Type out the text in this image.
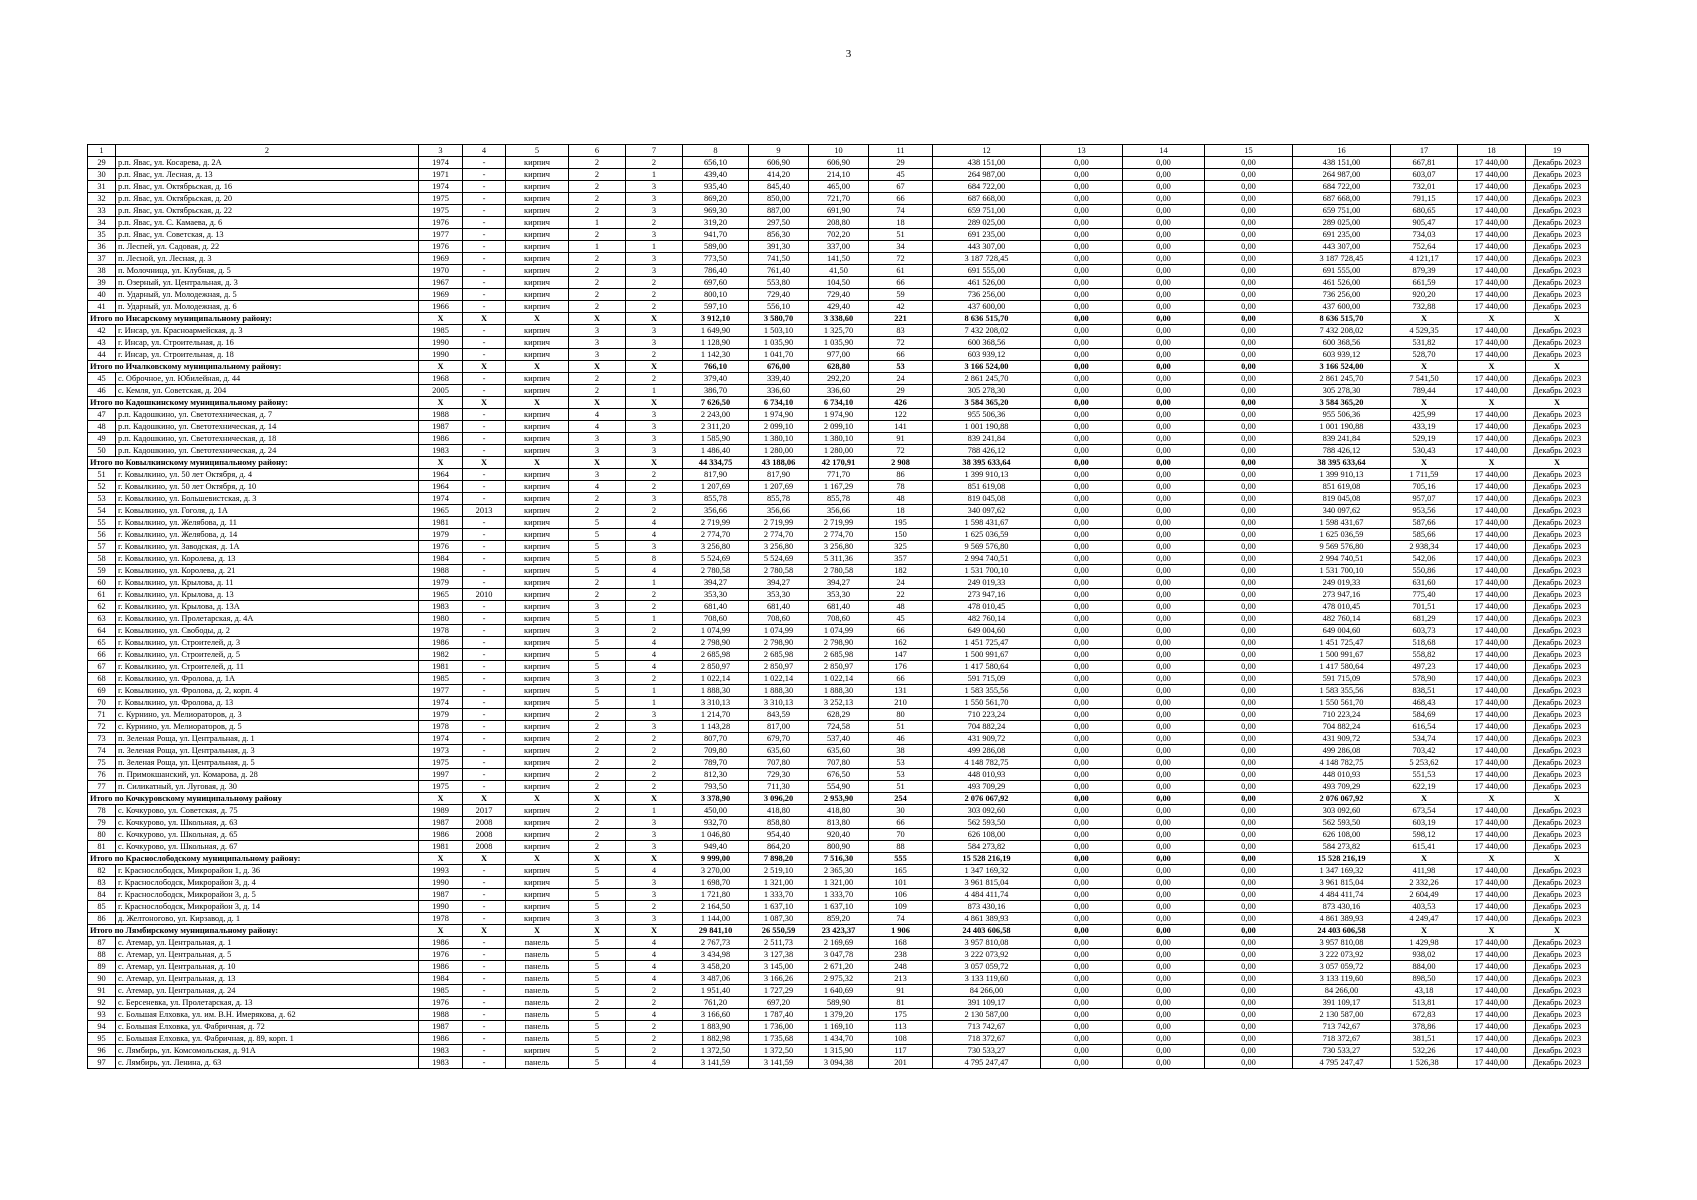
3
1	2	3	4	5	6	7	8	9	10	11	12	13	14	15	16	17	18	19
29	р.п. Явас, ул. Косарева, д. 2А	1974	-	кирпич	2	2	656,10	606,90	606,90	29	438 151,00	0,00	0,00	0,00	438 151,00	667,81	17 440,00	Декабрь 2023
30	р.п. Явас, ул. Лесная, д. 13	1971	-	кирпич	2	1	439,40	414,20	214,10	45	264 987,00	0,00	0,00	0,00	264 987,00	603,07	17 440,00	Декабрь 2023
31	р.п. Явас, ул. Октябрьская, д. 16	1974	-	кирпич	2	3	935,40	845,40	465,00	67	684 722,00	0,00	0,00	0,00	684 722,00	732,01	17 440,00	Декабрь 2023
32	р.п. Явас, ул. Октябрьская, д. 20	1975	-	кирпич	2	3	869,20	850,00	721,70	66	687 668,00	0,00	0,00	0,00	687 668,00	791,15	17 440,00	Декабрь 2023
33	р.п. Явас, ул. Октябрьская, д. 22	1975	-	кирпич	2	3	969,30	887,00	691,90	74	659 751,00	0,00	0,00	0,00	659 751,00	680,65	17 440,00	Декабрь 2023
34	р.п. Явас, ул. С. Камаева, д. 6	1976	-	кирпич	1	2	319,20	297,50	208,80	18	289 025,00	0,00	0,00	0,00	289 025,00	905,47	17 440,00	Декабрь 2023
35	р.п. Явас, ул. Советская, д. 13	1977	-	кирпич	2	3	941,70	856,30	702,20	51	691 235,00	0,00	0,00	0,00	691 235,00	734,03	17 440,00	Декабрь 2023
36	п. Леспей, ул. Садовая, д. 22	1976	-	кирпич	1	1	589,00	391,30	337,00	34	443 307,00	0,00	0,00	0,00	443 307,00	752,64	17 440,00	Декабрь 2023
37	п. Лесной, ул. Лесная, д. 3	1969	-	кирпич	2	3	773,50	741,50	141,50	72	3 187 728,45	0,00	0,00	0,00	3 187 728,45	4 121,17	17 440,00	Декабрь 2023
38	п. Молочница, ул. Клубная, д. 5	1970	-	кирпич	2	3	786,40	761,40	41,50	61	691 555,00	0,00	0,00	0,00	691 555,00	879,39	17 440,00	Декабрь 2023
39	п. Озерный, ул. Центральная, д. 3	1967	-	кирпич	2	2	697,60	553,80	104,50	66	461 526,00	0,00	0,00	0,00	461 526,00	661,59	17 440,00	Декабрь 2023
40	п. Ударный, ул. Молодежная, д. 5	1969	-	кирпич	2	2	800,10	729,40	729,40	59	736 256,00	0,00	0,00	0,00	736 256,00	920,20	17 440,00	Декабрь 2023
41	п. Ударный, ул. Молодежная, д. 6	1966	-	кирпич	2	2	597,10	556,10	429,40	42	437 600,00	0,00	0,00	0,00	437 600,00	732,88	17 440,00	Декабрь 2023
Итого по Инсарскому муниципальному району:		X	X	X	X	X	3 912,10	3 580,70	3 338,60	221	8 636 515,70	0,00	0,00	0,00	8 636 515,70	X	X	X
42	г. Инсар, ул. Красноармейская, д. 3	1985	-	кирпич	3	3	1 649,90	1 503,10	1 325,70	83	7 432 208,02	0,00	0,00	0,00	7 432 208,02	4 529,35	17 440,00	Декабрь 2023
43	г. Инсар, ул. Строительная, д. 16	1990	-	кирпич	3	3	1 128,90	1 035,90	1 035,90	72	600 368,56	0,00	0,00	0,00	600 368,56	531,82	17 440,00	Декабрь 2023
44	г. Инсар, ул. Строительная, д. 18	1990	-	кирпич	3	2	1 142,30	1 041,70	977,00	66	603 939,12	0,00	0,00	0,00	603 939,12	528,70	17 440,00	Декабрь 2023
Итого по Ичалковскому муниципальному району:		X	X	X	X	X	766,10	676,00	628,80	53	3 166 524,00	0,00	0,00	0,00	3 166 524,00	X	X	X
45	с. Оброчное, ул. Юбилейная, д. 44	1968	-	кирпич	2	2	379,40	339,40	292,20	24	2 861 245,70	0,00	0,00	0,00	2 861 245,70	7 541,50	17 440,00	Декабрь 2023
46	с. Кемля, ул. Советская, д. 204	2005	-	кирпич	2	1	386,70	336,60	336,60	29	305 278,30	0,00	0,00	0,00	305 278,30	789,44	17 440,00	Декабрь 2023
Итого по Кадошкинскому муниципальному району:		X	X	X	X	X	7 626,50	6 734,10	6 734,10	426	3 584 365,20	0,00	0,00	0,00	3 584 365,20	X	X	X
47	р.п. Кадошкино, ул. Светотехническая, д. 7	1988	-	кирпич	4	3	2 243,00	1 974,90	1 974,90	122	955 506,36	0,00	0,00	0,00	955 506,36	425,99	17 440,00	Декабрь 2023
48	р.п. Кадошкино, ул. Светотехническая, д. 14	1987	-	кирпич	4	3	2 311,20	2 099,10	2 099,10	141	1 001 190,88	0,00	0,00	0,00	1 001 190,88	433,19	17 440,00	Декабрь 2023
49	р.п. Кадошкино, ул. Светотехническая, д. 18	1986	-	кирпич	3	3	1 585,90	1 380,10	1 380,10	91	839 241,84	0,00	0,00	0,00	839 241,84	529,19	17 440,00	Декабрь 2023
50	р.п. Кадошкино, ул. Светотехническая, д. 24	1983	-	кирпич	3	3	1 486,40	1 280,00	1 280,00	72	788 426,12	0,00	0,00	0,00	788 426,12	530,43	17 440,00	Декабрь 2023
Итого по Ковылкинскому муниципальному району:		X	X	X	X	X	44 334,75	43 188,06	42 170,91	2 908	38 395 633,64	0,00	0,00	0,00	38 395 633,64	X	X	X
51	г. Ковылкино, ул. 50 лет Октября, д. 4	1964	-	кирпич	3	2	817,90	817,90	771,70	86	1 399 910,13	0,00	0,00	0,00	1 399 910,13	1 711,59	17 440,00	Декабрь 2023
52	г. Ковылкино, ул. 50 лет Октября, д. 10	1964	-	кирпич	4	2	1 207,69	1 207,69	1 167,29	78	851 619,08	0,00	0,00	0,00	851 619,08	705,16	17 440,00	Декабрь 2023
53	г. Ковылкино, ул. Большевистская, д. 3	1974	-	кирпич	2	3	855,78	855,78	855,78	48	819 045,08	0,00	0,00	0,00	819 045,08	957,07	17 440,00	Декабрь 2023
54	г. Ковылкино, ул. Гоголя, д. 1А	1965	2013	кирпич	2	2	356,66	356,66	356,66	18	340 097,62	0,00	0,00	0,00	340 097,62	953,56	17 440,00	Декабрь 2023
55	г. Ковылкино, ул. Желябова, д. 11	1981	-	кирпич	5	4	2 719,99	2 719,99	2 719,99	195	1 598 431,67	0,00	0,00	0,00	1 598 431,67	587,66	17 440,00	Декабрь 2023
56	г. Ковылкино, ул. Желябова, д. 14	1979	-	кирпич	5	4	2 774,70	2 774,70	2 774,70	150	1 625 036,59	0,00	0,00	0,00	1 625 036,59	585,66	17 440,00	Декабрь 2023
57	г. Ковылкино, ул. Заводская, д. 1А	1976	-	кирпич	5	3	3 256,80	3 256,80	3 256,80	325	9 569 576,80	0,00	0,00	0,00	9 569 576,80	2 938,34	17 440,00	Декабрь 2023
58	г. Ковылкино, ул. Королева, д. 13	1984	-	кирпич	5	8	5 524,69	5 524,69	5 311,36	357	2 994 740,51	0,00	0,00	0,00	2 994 740,51	542,06	17 440,00	Декабрь 2023
59	г. Ковылкино, ул. Королева, д. 21	1988	-	кирпич	5	4	2 780,58	2 780,58	2 780,58	182	1 531 700,10	0,00	0,00	0,00	1 531 700,10	550,86	17 440,00	Декабрь 2023
60	г. Ковылкино, ул. Крылова, д. 11	1979	-	кирпич	2	1	394,27	394,27	394,27	24	249 019,33	0,00	0,00	0,00	249 019,33	631,60	17 440,00	Декабрь 2023
61	г. Ковылкино, ул. Крылова, д. 13	1965	2010	кирпич	2	2	353,30	353,30	353,30	22	273 947,16	0,00	0,00	0,00	273 947,16	775,40	17 440,00	Декабрь 2023
62	г. Ковылкино, ул. Крылова, д. 13А	1983	-	кирпич	3	2	681,40	681,40	681,40	48	478 010,45	0,00	0,00	0,00	478 010,45	701,51	17 440,00	Декабрь 2023
63	г. Ковылкино, ул. Пролетарская, д. 4А	1980	-	кирпич	5	1	708,60	708,60	708,60	45	482 760,14	0,00	0,00	0,00	482 760,14	681,29	17 440,00	Декабрь 2023
64	г. Ковылкино, ул. Свободы, д. 2	1978	-	кирпич	3	2	1 074,99	1 074,99	1 074,99	66	649 004,60	0,00	0,00	0,00	649 004,60	603,73	17 440,00	Декабрь 2023
65	г. Ковылкино, ул. Строителей, д. 3	1986	-	кирпич	5	4	2 798,90	2 798,90	2 798,90	162	1 451 725,47	0,00	0,00	0,00	1 451 725,47	518,68	17 440,00	Декабрь 2023
66	г. Ковылкино, ул. Строителей, д. 5	1982	-	кирпич	5	4	2 685,98	2 685,98	2 685,98	147	1 500 991,67	0,00	0,00	0,00	1 500 991,67	558,82	17 440,00	Декабрь 2023
67	г. Ковылкино, ул. Строителей, д. 11	1981	-	кирпич	5	4	2 850,97	2 850,97	2 850,97	176	1 417 580,64	0,00	0,00	0,00	1 417 580,64	497,23	17 440,00	Декабрь 2023
68	г. Ковылкино, ул. Фролова, д. 1А	1985	-	кирпич	3	2	1 022,14	1 022,14	1 022,14	66	591 715,09	0,00	0,00	0,00	591 715,09	578,90	17 440,00	Декабрь 2023
69	г. Ковылкино, ул. Фролова, д. 2, корп. 4	1977	-	кирпич	5	1	1 888,30	1 888,30	1 888,30	131	1 583 355,56	0,00	0,00	0,00	1 583 355,56	838,51	17 440,00	Декабрь 2023
70	г. Ковылкино, ул. Фролова, д. 13	1974	-	кирпич	5	1	3 310,13	3 310,13	3 252,13	210	1 550 561,70	0,00	0,00	0,00	1 550 561,70	468,43	17 440,00	Декабрь 2023
71	с. Курнино, ул. Мелиораторов, д. 3	1979	-	кирпич	2	3	1 214,70	843,59	628,29	80	710 223,24	0,00	0,00	0,00	710 223,24	584,69	17 440,00	Декабрь 2023
72	с. Курнино, ул. Мелиораторов, д. 5	1978	-	кирпич	2	3	1 143,28	817,00	724,58	51	704 882,24	0,00	0,00	0,00	704 882,24	616,54	17 440,00	Декабрь 2023
73	п. Зеленая Роща, ул. Центральная, д. 1	1974	-	кирпич	2	2	807,70	679,70	537,40	46	431 909,72	0,00	0,00	0,00	431 909,72	534,74	17 440,00	Декабрь 2023
74	п. Зеленая Роща, ул. Центральная, д. 3	1973	-	кирпич	2	2	709,80	635,60	635,60	38	499 286,08	0,00	0,00	0,00	499 286,08	703,42	17 440,00	Декабрь 2023
75	п. Зеленая Роща, ул. Центральная, д. 5	1975	-	кирпич	2	2	789,70	707,80	707,80	53	4 148 782,75	0,00	0,00	0,00	4 148 782,75	5 253,62	17 440,00	Декабрь 2023
76	п. Примокшанский, ул. Комарова, д. 28	1997	-	кирпич	2	2	812,30	729,30	676,50	53	448 010,93	0,00	0,00	0,00	448 010,93	551,53	17 440,00	Декабрь 2023
77	п. Силикатный, ул. Луговая, д. 30	1975	-	кирпич	2	2	793,50	711,30	554,90	51	493 709,29	0,00	0,00	0,00	493 709,29	622,19	17 440,00	Декабрь 2023
Итого по Кочкуровскому муниципальному району		X	X	X	X	X	3 378,90	3 096,20	2 953,90	254	2 076 067,92	0,00	0,00	0,00	2 076 067,92	X	X	X
78	с. Кочкурово, ул. Советская, д. 75	1989	2017	кирпич	2	1	450,00	418,80	418,80	30	303 092,60	0,00	0,00	0,00	303 092,60	673,54	17 440,00	Декабрь 2023
79	с. Кочкурово, ул. Школьная, д. 63	1987	2008	кирпич	2	3	932,70	858,80	813,80	66	562 593,50	0,00	0,00	0,00	562 593,50	603,19	17 440,00	Декабрь 2023
80	с. Кочкурово, ул. Школьная, д. 65	1986	2008	кирпич	2	3	1 046,80	954,40	920,40	70	626 108,00	0,00	0,00	0,00	626 108,00	598,12	17 440,00	Декабрь 2023
81	с. Кочкурово, ул. Школьная, д. 67	1981	2008	кирпич	2	3	949,40	864,20	800,90	88	584 273,82	0,00	0,00	0,00	584 273,82	615,41	17 440,00	Декабрь 2023
Итого по Краснослободскому муниципальному району:		X	X	X	X	X	9 999,00	7 898,20	7 516,30	555	15 528 216,19	0,00	0,00	0,00	15 528 216,19	X	X	X
82	г. Краснослободск, Микрорайон 1, д. 36	1993	-	кирпич	5	4	3 270,00	2 519,10	2 365,30	165	1 347 169,32	0,00	0,00	0,00	1 347 169,32	411,98	17 440,00	Декабрь 2023
83	г. Краснослободск, Микрорайон 3, д. 4	1990	-	кирпич	5	3	1 698,70	1 321,00	1 321,00	101	3 961 815,04	0,00	0,00	0,00	3 961 815,04	2 332,26	17 440,00	Декабрь 2023
84	г. Краснослободск, Микрорайон 3, д. 5	1987	-	кирпич	5	3	1 721,80	1 333,70	1 333,70	106	4 484 411,74	0,00	0,00	0,00	4 484 411,74	2 604,49	17 440,00	Декабрь 2023
85	г. Краснослободск, Микрорайон 3, д. 14	1990	-	кирпич	5	2	2 164,50	1 637,10	1 637,10	109	873 430,16	0,00	0,00	0,00	873 430,16	403,53	17 440,00	Декабрь 2023
86	д. Желтоногово, ул. Кирзавод, д. 1	1978	-	кирпич	3	3	1 144,00	1 087,30	859,20	74	4 861 389,93	0,00	0,00	0,00	4 861 389,93	4 249,47	17 440,00	Декабрь 2023
Итого по Лямбирскому муниципальному району:		X	X	X	X	X	29 841,10	26 550,59	23 423,37	1 906	24 403 606,58	0,00	0,00	0,00	24 403 606,58	X	X	X
87	с. Атемар, ул. Центральная, д. 1	1986	-	панель	5	4	2 767,73	2 511,73	2 169,69	168	3 957 810,08	0,00	0,00	0,00	3 957 810,08	1 429,98	17 440,00	Декабрь 2023
88	с. Атемар, ул. Центральная, д. 5	1976	-	панель	5	4	3 434,98	3 127,38	3 047,78	238	3 222 073,92	0,00	0,00	0,00	3 222 073,92	938,02	17 440,00	Декабрь 2023
89	с. Атемар, ул. Центральная, д. 10	1986	-	панель	5	4	3 458,20	3 145,00	2 671,20	248	3 057 059,72	0,00	0,00	0,00	3 057 059,72	884,00	17 440,00	Декабрь 2023
90	с. Атемар, ул. Центральная, д. 13	1984	-	панель	5	4	3 487,06	3 166,26	2 975,32	213	3 133 119,60	0,00	0,00	0,00	3 133 119,60	898,50	17 440,00	Декабрь 2023
91	с. Атемар, ул. Центральная, д. 24	1985	-	панель	5	2	1 951,40	1 727,29	1 640,69	91	84 266,00	0,00	0,00	0,00	84 266,00	43,18	17 440,00	Декабрь 2023
92	с. Берсеневка, ул. Пролетарская, д. 13	1976	-	панель	2	2	761,20	697,20	589,90	81	391 109,17	0,00	0,00	0,00	391 109,17	513,81	17 440,00	Декабрь 2023
93	с. Большая Елховка, ул. им. В.Н. Имерякова, д. 62	1988	-	панель	5	4	3 166,60	1 787,40	1 379,20	175	2 130 587,00	0,00	0,00	0,00	2 130 587,00	672,83	17 440,00	Декабрь 2023
94	с. Большая Елховка, ул. Фабричная, д. 72	1987	-	панель	5	2	1 883,90	1 736,00	1 169,10	113	713 742,67	0,00	0,00	0,00	713 742,67	378,86	17 440,00	Декабрь 2023
95	с. Большая Елховка, ул. Фабричная, д. 89, корп. 1	1986	-	панель	5	2	1 882,98	1 735,68	1 434,70	108	718 372,67	0,00	0,00	0,00	718 372,67	381,51	17 440,00	Декабрь 2023
96	с. Лямбирь, ул. Комсомольская, д. 91А	1983	-	кирпич	5	2	1 372,50	1 372,50	1 315,90	117	730 533,27	0,00	0,00	0,00	730 533,27	532,26	17 440,00	Декабрь 2023
97	с. Лямбирь, ул. Ленина, д. 63	1983	-	панель	5	4	3 141,59	3 141,59	3 094,38	201	4 795 247,47	0,00	0,00	0,00	4 795 247,47	1 526,38	17 440,00	Декабрь 2023
